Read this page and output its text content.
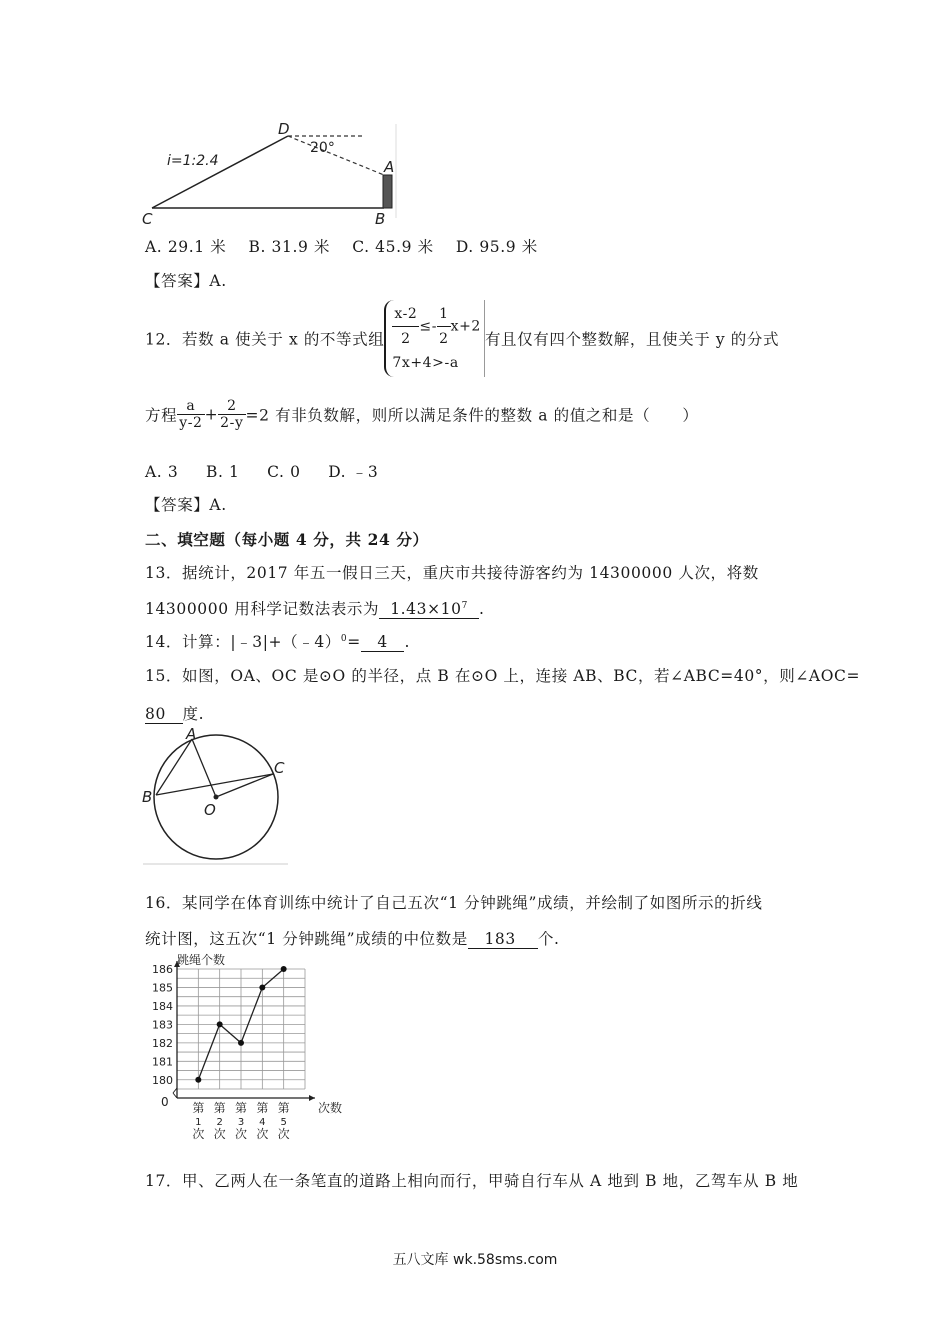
i=1:2.4
20°
D
A
B
C
A. 29.1 米 B. 31.9 米 C. 45.9 米 D. 95.9 米
【答案】A.
12．若数 a 使关于 x 的不等式组 $\frac{x-2}{2} \le- \frac{1}{2} x+2$
7x+4>-a
有且仅有四个整数解，且使关于 y 的分式
方程 $\frac{a}{y-2} + \frac{2}{2-y} =2$ 有非负数解，则所以满足条件的整数 a 的值之和是（　　）
A. 3 B. 1 C. 0 D. ﹣3
【答案】A.
二、填空题（每小题 4 分，共 24 分）
13．据统计，2017 年五一假日三天，重庆市共接待游客约为 14300000 人次，将数
14300000 用科学记数法表示为 $1.43\times 10^7$ .
14．计算：|﹣3|+（﹣4）$^0$= 4 .
15．如图，OA、OC 是⊙O 的半径，点 B 在⊙O 上，连接 AB、BC，若∠ABC=40°，则∠AOC=
80 度.
A
B
C
O
16．某同学在体育训练中统计了自己五次“1 分钟跳绳”成绩，并绘制了如图所示的折线
统计图，这五次“1 分钟跳绳”成绩的中位数是 183 个.
180
181
182
183
184
185
186
跳绳个数
次数
0 第
1
次
第
2
次
第
3
次
第
4
次
第
5
次
17．甲、乙两人在一条笔直的道路上相向而行，甲骑自行车从 A 地到 B 地，乙驾车从 B 地
五八文库 wk.58sms.com
